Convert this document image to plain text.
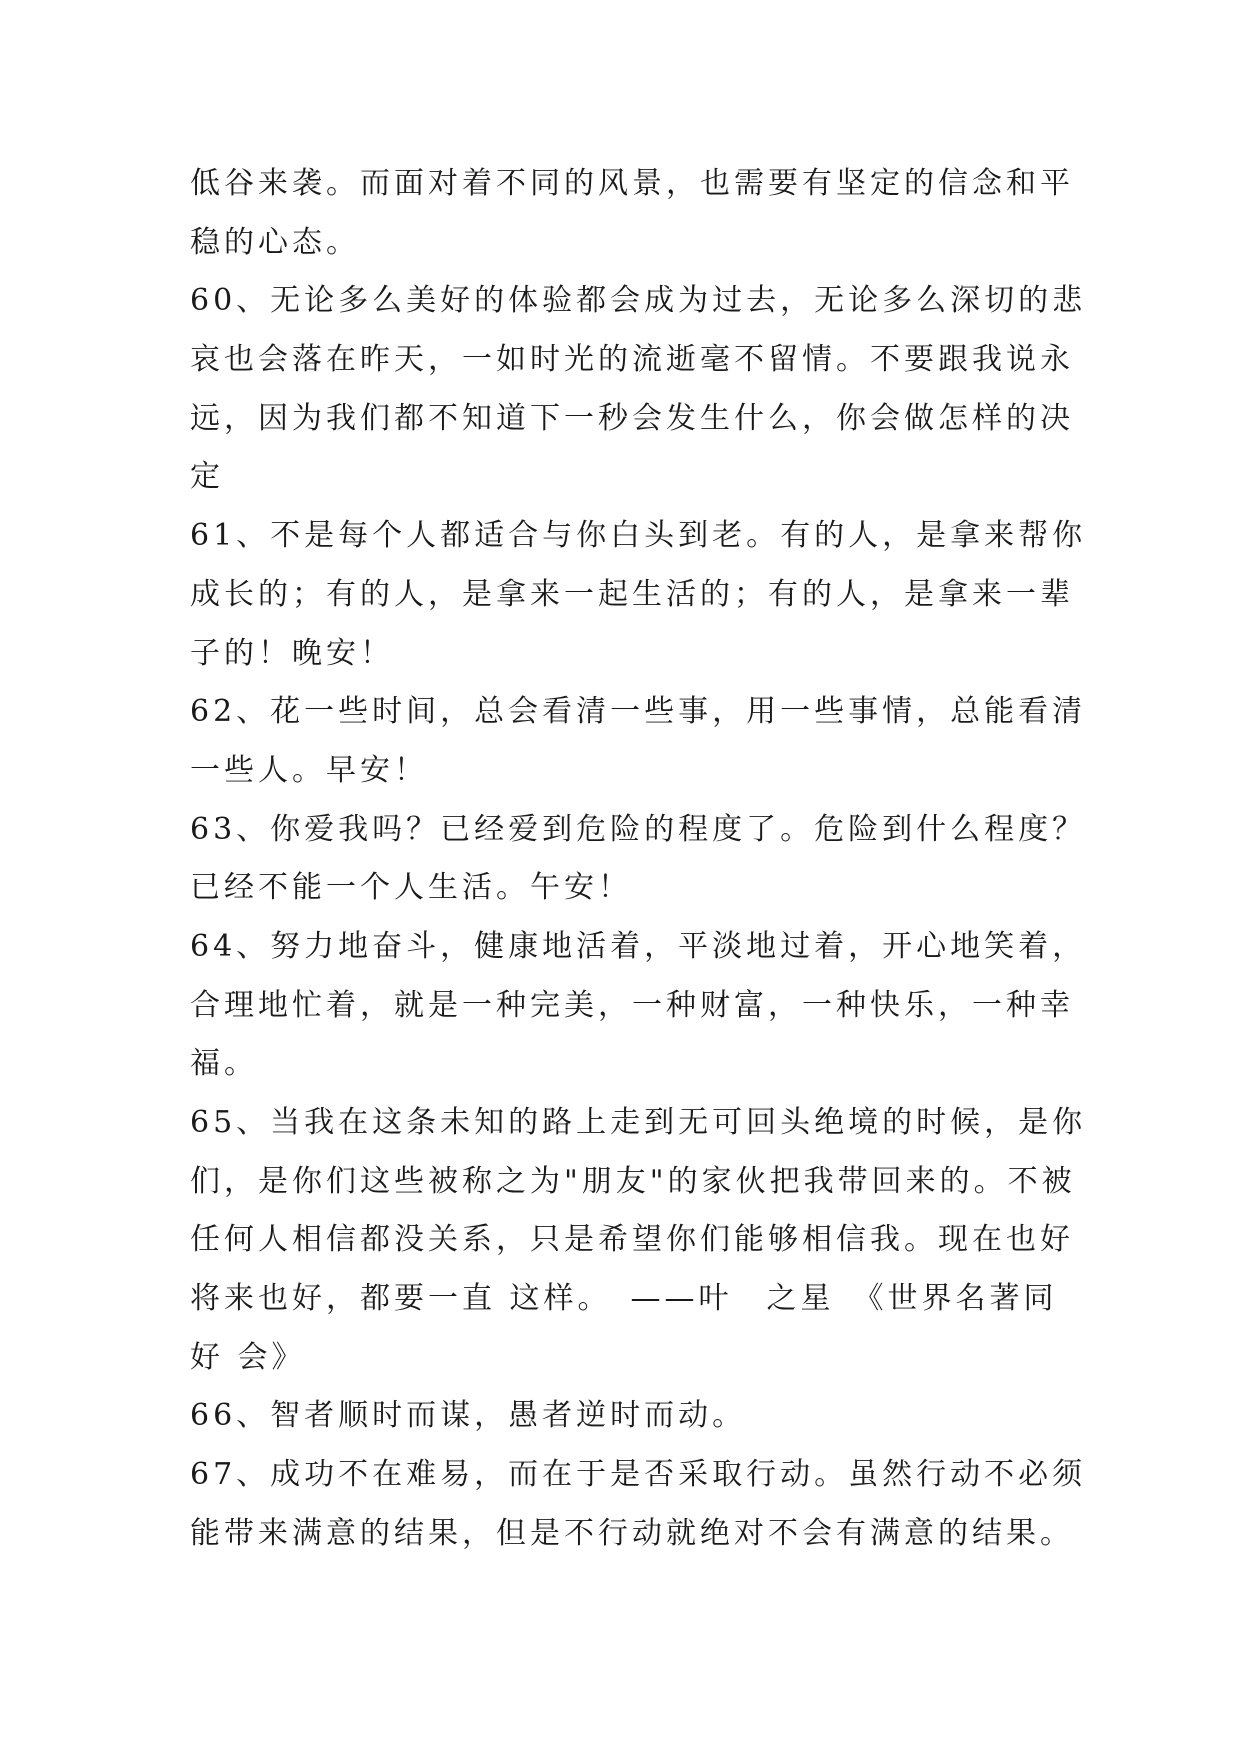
低谷来袭。而面对着不同的风景，也需要有坚定的信念和平
稳的心态。
60、无论多么美好的体验都会成为过去，无论多么深切的悲
哀也会落在昨天，一如时光的流逝毫不留情。不要跟我说永
远，因为我们都不知道下一秒会发生什么，你会做怎样的决
定
61、不是每个人都适合与你白头到老。有的人，是拿来帮你
成长的；有的人，是拿来一起生活的；有的人，是拿来一辈
子的！晚安！
62、花一些时间，总会看清一些事，用一些事情，总能看清
一些人。早安！
63、你爱我吗？已经爱到危险的程度了。危险到什么程度？
已经不能一个人生活。午安！
64、努力地奋斗，健康地活着，平淡地过着，开心地笑着，
合理地忙着，就是一种完美，一种财富，一种快乐，一种幸
福。
65、当我在这条未知的路上走到无可回头绝境的时候，是你
们，是你们这些被称之为"朋友"的家伙把我带回来的。不被
任何人相信都没关系，只是希望你们能够相信我。现在也好
将来也好，都要一直 这样。　——叶　之星　《世界名著同
好 会》
66、智者顺时而谋，愚者逆时而动。
67、成功不在难易，而在于是否采取行动。虽然行动不必须
能带来满意的结果，但是不行动就绝对不会有满意的结果。
